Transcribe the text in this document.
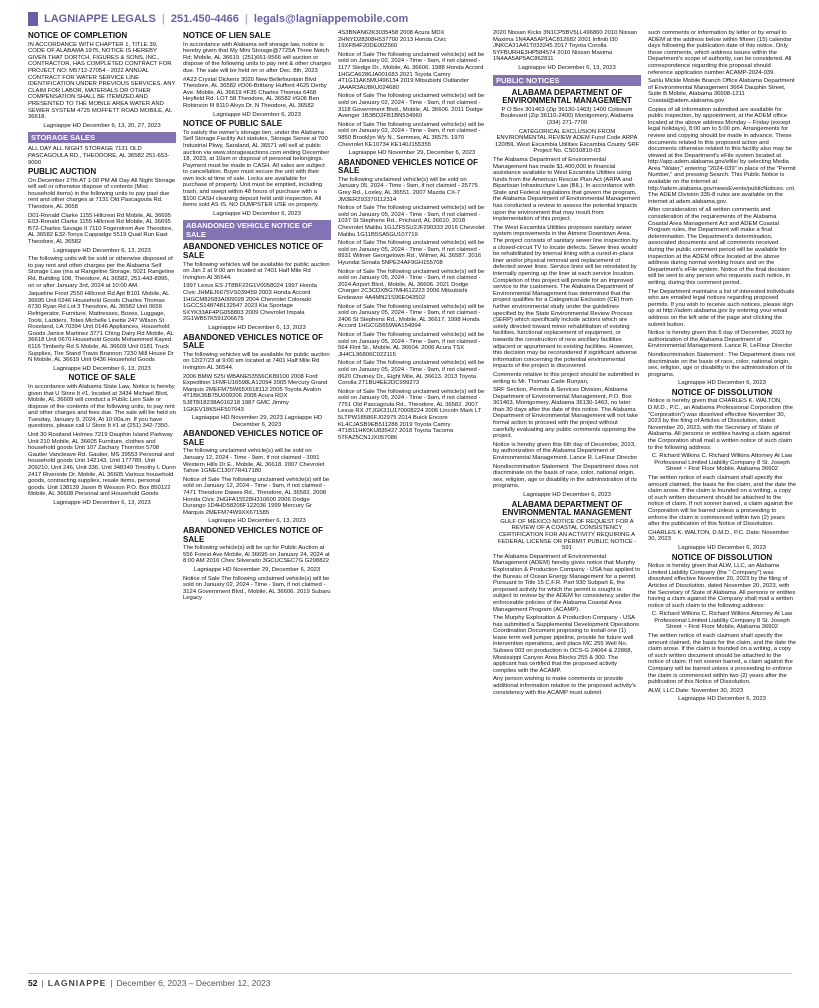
LAGNIAPPE LEGALS | 251.450-4466 | legals@lagniappemobile.com

NOTICE OF COMPLETION

IN ACCORDANCE WITH CHAPTER 1, TITLE 39, CODE OF ALABAMA 1975, NOTICE IS HEREBY GIVEN THAT DORTCH, FIGURES & SONS, INC., CONTRACTOR, HAS COMPLETED CONTRACT FOR PROJECT NO: M5712-27054 - 2022 ANNUAL CONTRACT FOR WATER SERVICE LINE IDENTIFICATION UNDER PREVIOUS SERVICES. ANY CLAIM FOR LABOR, MATERIALS OR OTHER COMPENSATION SHALL BE ITEMIZED AND PRESENTED TO THE MOBILE AREA WATER AND SEWER SYSTEM 4725 MOFFETT ROAD MOBILE, AL 36618.

Lagniappe HD December 6, 13, 20, 27, 2023

STORAGE SALES

ALL DAY ALL NIGHT STORAGE 7131 OLD PASCAGOULA RD., THEODORE, AL 36582 251-653-9000

PUBLIC AUCTION

On December 27th AT 1:00 PM All Day All Night Storage will sell or otherwise dispose of contents (Misc household items) in the following units to pay past due rent and other charges at 7131 Old Pascagoula Rd. Theodore, AL 3658

D01-Ronald Clarke 1155 Hillcrest Rd Mobile, AL 36695 E03-Ronald Clarke 1155 Hillcrest Rd Mobile, AL 36695 B72-Charles Savage II 7110 Fogerstrom Ave Theodore, AL 36582 E32-Tonya Cappadge 5519 Quail Run East Theodore, AL 36582

Lagniappe HD December 6, 13, 2023

The following units will be sold or otherwise disposed of to pay rent and other charges per the Alabama Self Storage Law (ma at Rangeline Storage, 5021 Rangeline Rd, Building 108, Theodore, AL 36582, 251-443-8995, on or after January 3rd, 2024 at 10:00 AM.

Jaqueline Frost 2550 Hillcrest Rd Apt B101 Mobile, AL 36695 Unit 0246 Household Goods Charles Thomas 6730 Ryan Rd Lot 3 Theodore, AL 36582 Unit 0659 Refrigerator, Furniture, Mattresses, Boxes, Luggage, Tools, Ladders, Totes Michelle Linette 247 Wilson St Roseland, LA 70394 Unit 0146 Appliances, Household Goods Janice Martinez 3771 Ching Dairy Rd Mobile, AL 36618 Unit 0670 Household Goods Mohammed Kayed 6116 Timberly Rd S Mobile, AL 36609 Unit 0181 Truck Supplies, Tire Stand Travis Brannon 7230 Mill House Dr N Mobile, AL 36619 Unit 0436 Household Goods

Lagniappe HD December 6, 13, 2023

NOTICE OF SALE

In accordance with Alabama State Law, Notice is hereby given that U Store It #1, located at 3434 Michael Blvd, Mobile, AL 36609 will conduct a Public Lien Sale or dispose of the contents of the following units, to pay rent and other charges and fees due. The sale will be held on Tuesday, January 9, 2024, At 10:00a.m. If you have questions, please call U Store It #1 at (251) 342-7350.

Unit 30 Rosiland Holmes 7219 Dauphin Island Parkway Unit 210 Mobile, AL 36605 Furniture, clothes and household goods Unit 107 Zachary Thornton 5708 Gautier Vancleave Rd. Gautier, MS 39553 Personal and household goods Unit 142143, Unit 177789, Unit 209210, Unit 246, Unit 336, Unit 348349 Timothy L Dunn 2417 Riverside Dr. Mobile, AL 36605 Various household goods, contracting supplies, resale items, personal goods. Unit 138139 Jason B Wesson P.O. Box 850122 Mobile, AL 36608 Personal and Household Goods

Lagniappe HD December 6, 13, 2023

NOTICE OF LIEN SALE

In accordance with Alabama self storage law, notice is hereby given that My Mini Storage@7725A Three Notch Rd; Mobile, AL 36619. (251)661-9566 will auction or dispose of the following units to pay rent & other charges due. The sale will be held on or after Dec. 8th, 2023

#A23 Crystal Dickens 3020 New Bellefountain Blvd Theodore, AL 36582 #D06-Brittany Hufford 4625 Derby Ave. Mobile, AL 36619 #F35 Charles Thomas 6468 Heyfield Rd. LOT 58 Theodore, AL 36582 #G06 Ben Robinson III 8110 Alvys Dr. N Theodore, AL 36582

Lagniappe HD December 6, 2023

NOTICE OF PUBLIC SALE

To satisfy the owner's storage lien, under the Alabama Self Storage Facility Act statutes, Storage Sense at 700 Industrial Pkwy, Saraland, AL 36571 will sell at public auction via www.storageauctions.com ending December 18, 2023, at 10am or disposal of personal belongings. Payment must be made in CASH. All sales are subject to cancellation. Buyer must secure the unit with their own lock at time of sale. Locks are available for purchase of property. Unit must be emptied, including trash, and swept within 48 hours of purchase with a $100 CASH cleaning deposit held until inspection. All items sold AS IS. NO DUMPSTER USE on property.

Lagniappe HD December 6, 2023

ABANDONED VEHICLE NOTICE OF SALE

ABANDONED VEHICLES NOTICE OF SALE

The following vehicles will be available for public auction on Jan 2 at 9:00 am located at 7401 Half Mile Rd Irvington Al 36544.

1997 Lexus ES JT8BF22G1V0058024 1997 Honda Civic JHMEJ6675VS039459 2003 Honda Accord 1HGCM82683A009028 2004 Chevrolet Colorado 1GCCS148748132547 2023 Kia Sportage 5XYK33AF4PG058803 2009 Chevrolet Impala 2G1WB57K591206675

Lagniappe HD December 6, 13, 2023

ABANDONED VEHICLES NOTICE OF SALE

The following vehicles will be available for public auction on 12/27/23 at 9:00 am located at 7401 Half Mile Rd Irvington AL 36544.

2006 BMW 525i WBANE53556CK89100 2008 Ford Expedition 1FMFU16598LA12094 2005 Mercury Grand Marquis 2MEFM75W65X618113 2005 Toyota Avalon 4T1BK36B75U009206 2008 Acura RDX 5J8TB18238A016218 1987 GMC Jimmy 1GKEV18K5HF507043

Lagniappe HD November 29, 2023 Lagniappe HD December 6, 2023

ABANDONED VEHICLES NOTICE OF SALE

The following unclaimed vehicle(s) will be sold on January 12, 2024 - Time - 9am, if not claimed - 3091 Western Hills Dr E., Mobile, AL 36618. 2007 Chevrolet Tahoe 1GNEC13077R417180

Notice of Sale The following unclaimed vehicle(s) will be sold on January 12, 2024 - Time - 9am, if not claimed - 7471 Theodore Dawes Rd., Theodore, AL 36582. 2008 Honda Civic 2HGFA15528H310600 2006 Dodge Durango 1D4HD58206F122036 1999 Mercury Gr Marquis 2MEFM74W9XX671585

Lagniappe HD December 6, 13, 2023

ABANDONED VEHICLES NOTICE OF SALE

The following vehicle(s) will be up for Public Auction at 556 Forest Ave Mobile, Al 36695 on January 24, 2024 at 8:00 AM 2016 Chev Silverado 3GCUCSEC7G G298822

Lagniappe HD November 29, December 6, 2023

Notice of Sale The following unclaimed vehicle(s) will be sold on January 02, 2024 - Time - 9am, if not claimed - 3124 Government Blvd., Mobile, AL 36606. 2019 Subaru Legacy

4S3BNAN62K3035458 2008 Acura MDX 2HNYD28308H537700 2013 Honda Civic 19XFB4F20DE002560

Notice of Sale The following unclaimed vehicle(s) will be sold on January 02, 2024 - Time - 9am, if not claimed - 1177 Sledge Dr., Mobile, AL 36606. 1988 Honda Accord 1HGCA6286JA001683 2021 Toyota Camry 4T1G11AK5MU496134 2019 Mitsubishi Outlander JA4AR3AU8KU024680

Notice of Sale The following unclaimed vehicle(s) will be sold on January 02, 2024 - Time - 9am, if not claimed - 3118 Government Blvd., Mobile, AL 36606. 2011 Dodge Avenger 1B3BD2FB1BN534960

Notice of Sale The following unclaimed vehicle(s) will be sold on January 02, 2024 - Time - 9am, if not claimed - 9850 Brooklyn Wy N., Semmes, AL 36575. 1970 Chevrolet KE10734 KE140J155355

Lagniappe HD November 29, December 6, 2023

ABANDONED VEHICLES NOTICE OF SALE

The following unclaimed vehicle(s) will be sold on January 05, 2024 - Time - 9am, if not claimed - 25775 Grey Rd., Loxley, AL 36551. 2007 Mazda CX-7 JM3ER293370112314

Notice of Sale The following unclaimed vehicle(s) will be sold on January 05, 2024 - Time - 9am, if not claimed - 1037 St Stephens Rd., Prichard, AL 36610. 2018 Chevrolet Malibu 1G1ZF5SU2JF290333 2016 Chevrolet Malibu 1G11B5SA5GU107719

Notice of Sale The following unclaimed vehicle(s) will be sold on January 05, 2024 - Time - 9am, if not claimed - 8931 Wilmer Georgetown Rd., Wilmer, AL 36587. 2016 Hyundai Sonata 5NPE24AF9GH155708

Notice of Sale The following unclaimed vehicle(s) will be sold on January 05, 2024 - Time - 9am, if not claimed - 2024 Airport Blvd., Mobile, AL 36606. 2021 Dodge Charger 2C3CDXBG7MH612223 2006 Mitsubishi Endeavor 4A4MN21S96E043502

Notice of Sale The following unclaimed vehicle(s) will be sold on January 05, 2024 - Time - 9am, if not claimed - 2406 St Stephens Rd., Mobile, AL 36617. 1998 Honda Accord 1HGCG5659WA154994

Notice of Sale The following unclaimed vehicle(s) will be sold on January 05, 2024 - Time - 9am, if not claimed - 564 Flint St., Mobile, AL 36604. 2006 Acura TSX JH4CL96806C022115

Notice of Sale The following unclaimed vehicle(s) will be sold on January 05, 2024 - Time - 9am, if not claimed - 8620 Chutney Dr., Eight Mile, AL 36613. 2013 Toyota Corolla 2T1BU4EE2DC999273

Notice of Sale The following unclaimed vehicle(s) will be sold on January 05, 2024 - Time - 9am, if not claimed - 7751 Old Pascagoula Rd., Theodore, AL 36582. 2007 Lexus RX JTJGK31U170008224 2006 Lincoln Mark LT 5LTPW18586FJ02975 2014 Buick Encore KL4CJASB9EB511288 2019 Toyota Camry 4T1B11HK0KU835427 2018 Toyota Tacoma 5TFAZ5CN1JX057086

2020 Nissan Kicks 3N1CP5BV5LL496860 2010 Nissan Maxima 1N4AA5AP1AC812682 2001 Infiniti I30 JNKCA31A41T033245 2017 Toyota Corolla 5YFBURHE3HP584574 2010 Nissan Maxima 1N4AA5AP5AC862811

Lagniappe HD December 6, 13, 2023

PUBLIC NOTICES

ALABAMA DEPARTMENT OF ENVIRONMENTAL MANAGEMENT

P O Box 301463 (Zip 36130-1463) 1400 Coliseum Boulevard (Zip 36110-2400) Montgomery, Alabama (334) 271-7700

CATEGORICAL EXCLUSION FROM ENVIRONMENTAL REVIEW ADEM Fund Code ARPA 120/BIL West Escambia Utilities Escambia County SRF Project No. CS010810-03

The Alabama Department of Environmental Management has made $1,400,000 in financial assistance available to West Escambia Utilities using funds from the American Rescue Plan Act (ARPA and Bipartisan Infrastructure Law (BIL). In accordance with State and Federal regulations that govern the program, the Alabama Department of Environmental Management has conducted a review to assess the potential impacts upon the environment that may result from implementation of this project.

The West Escambia Utilities proposes sanitary sewer system improvements in the Atmore Downtown Area. The project consists of sanitary sewer line inspection by a closed-circuit TV to locate defects. Sewer lines would be rehabilitated by internal lining with a cured-in-place liner and/or physical removal and replacement of defected sewer lines. Service lines will be reinstated by internally opening up the liner at each service location. Completion of this project will provide for an improved service to the customers. The Alabama Department of Environmental Management has determined that the project qualifies for a Categorical Exclusion (CE) from further environmental study under the guidelines specified by the State Environmental Review Process (SERP) which specifically include actions which are solely directed toward minor rehabilitation of existing facilities, functional replacement of equipment, or towards the construction of new ancillary facilities adjacent or appurtenant to existing facilities. However, this decision may be reconsidered if significant adverse information concerning the potential environmental impacts of the project is discovered.

Comments relative to this project should be submitted in writing to Mr. Thomas Cade Runyan,

SRF Section, Permits & Services Division, Alabama Department of Environmental Management, P.O. Box 301463, Montgomery, Alabama 36130-1463, no later than 30 days after the date of this notice. The Alabama Department of Environmental Management will not take formal action to proceed with the project without carefully evaluating any public comments opposing the project.

Notice is hereby given this 6th day of December, 2023, by authorization of the Alabama Department of Environmental Management. Lance R. LeFleur Director

Nondiscrimination Statement: The Department does not discriminate on the basis of race, color, national origin, sex, religion, age or disability in the administration of its programs.

Lagniappe HD December 6, 2023

ALABAMA DEPARTMENT OF ENVIRONMENTAL MANAGEMENT

GULF OF MEXICO NOTICE OF REQUEST FOR A REVIEW OF A COASTAL CONSISTENCY CERTIFICATION FOR AN ACTIVITY REQUIRING A FEDERAL LICENSE OR PERMIT PUBLIC NOTICE - 591

The Alabama Department of Environmental Management (ADEM) hereby gives notice that Murphy Exploration & Production Company - USA has applied to the Bureau of Ocean Energy Management for a permit. Pursuant to Title 15 C.F.R. Part 930 Subpart E, the proposed activity for which the permit is sought is subject to review by the ADEM for consistency under the enforceable policies of the Alabama Coastal Area Management Program (ACAMP).

The Murphy Exploration & Production Company - USA has submitted a Supplemental Development Operations Coordination Document proposing to install one (1) lease term well jumper pipeline, provide for future well intervention operations, and place MC 255 Well No. Subsea 003 on production in OCS-G 24064 & 22868, Mississippi Canyon Area Blocks 255 & 300. The applicant has certified that the proposed activity complies with the ACAMP.

Any person wishing to make comments or provide additional information relative to the proposed activity's consistency with the ACAMP must submit

such comments or information by letter or by email to ADEM at the address below within fifteen (15) calendar days following the publication date of this notice. Only those comments, which address issues within the Department's scope of authority, can be considered. All correspondence regarding this proposal should reference application number ACAMP-2024-039.

Sarilu Mickle Mobile Branch Office Alabama Department of Environmental Management 3664 Dauphin Street, Suite B Mobile, Alabama 36608-1211 Coastal@adem.alabama.gov

Copies of all information submitted are available for public inspection, by appointment, at the ADEM office located at the above address Monday – Friday (except legal holidays), 8:00 am to 5:00 pm. Arrangements for review and copying should be made in advance. These documents related to this proposed action and documents otherwise related to this facility also may be viewed at the Department's eFile system located at http://app.adem.alabama.gov/efile/ by selecting Media Area "Water," entering "2024-039" in place of the "Permit Number," and pressing Search. This Public Notice is available on the internet at http://adem.alabama.gov/newsEvents/publicNotices. cnt. The ADEM Division 335-8 rules are available on the internet at adem.alabama.gov.

After consideration of all written comments and consideration of the requirements of the Alabama Coastal Area Management Act and ADEM Coastal Program rules, the Department will make a final determination. The Department's determination, associated documents and all comments received during the public comment period will be available for inspection at the ADEM office located at the above address during normal working hours and on the Department's eFile system. Notice of the final decision will be sent to any person who requests such notice, in writing, during this comment period.

The Department maintains a list of interested individuals who are emailed legal notices regarding proposed permits. If you wish to receive such notices, please sign up at http://adem.alabama.gov by entering your email address on the left side of the page and clicking the submit button.

Notice is hereby given this 6 day of December, 2023 by authorization of the Alabama Department of Environmental Management. Lance R. LeFleur Director

Nondiscrimination Statement : The Department does not discriminate on the basis of race, color, national origin, sex, religion, age or disability in the administration of its programs.

Lagniappe HD December 6, 2023

NOTICE OF DISSOLUTION

Notice is hereby given that CHARLES K. WALTON, D.M.D., P.C., an Alabama Professional Corporation (the "Corporation") was dissolved effective November 30, 2023 by the filing of Articles of Dissolution, dated November 20, 2023, with the Secretary of State of Alabama. All persons or entities having a claim against the Corporation shall mail a written notice of such claim to the following address:

C. Richard Wilkins C. Richard Wilkins Attorney At Law Professional Limited Liability Company 8 St. Joseph Street ~ First Floor Mobile, Alabama 36602

The written notice of each claimant shall specify the amount claimed, the basis for the claim, and the date the claim arose. If the claim is founded on a writing, a copy of such written document should be attached to the notice of claim. If not sooner barred, a claim against the Corporation will be barred unless a proceeding to enforce the claim is commenced within two (2) years after the publication of this Notice of Dissolution.

CHARLES K. WALTON, D.M.D., P.C. Date: November 30, 2023

Lagniappe HD December 6, 2023

NOTICE OF DISSOLUTION

Notice is hereby given that ALW, LLC, an Alabama Limited Liability Company (the " Company") was dissolved effective November 20, 2023 by the filing of Articles of Dissolution, dated November 20, 2023, with the Secretary of State of Alabama. All persons or entities having a claim against the Company shall mail a written notice of such claim to the following address:

C. Richard Wilkins C. Richard Wilkins Attorney At Law Professional Limited Liability Company 8 St. Joseph Street ~ First Floor Mobile, Alabama 36602

The written notice of each claimant shall specify the amount claimed, the basis for the claim, and the date the claim arose. If the claim is founded on a writing, a copy of such written document should be attached to the notice of claim. If not sooner barred, a claim against the Company will be barred unless a proceeding to enforce the claim is commenced within two (2) years after the publication of this Notice of Dissolution.

ALW, LLC Date: November 30, 2023

Lagniappe HD December 6, 2023

52 | LAGNIAPPE | December 6, 2023 – December 12, 2023
